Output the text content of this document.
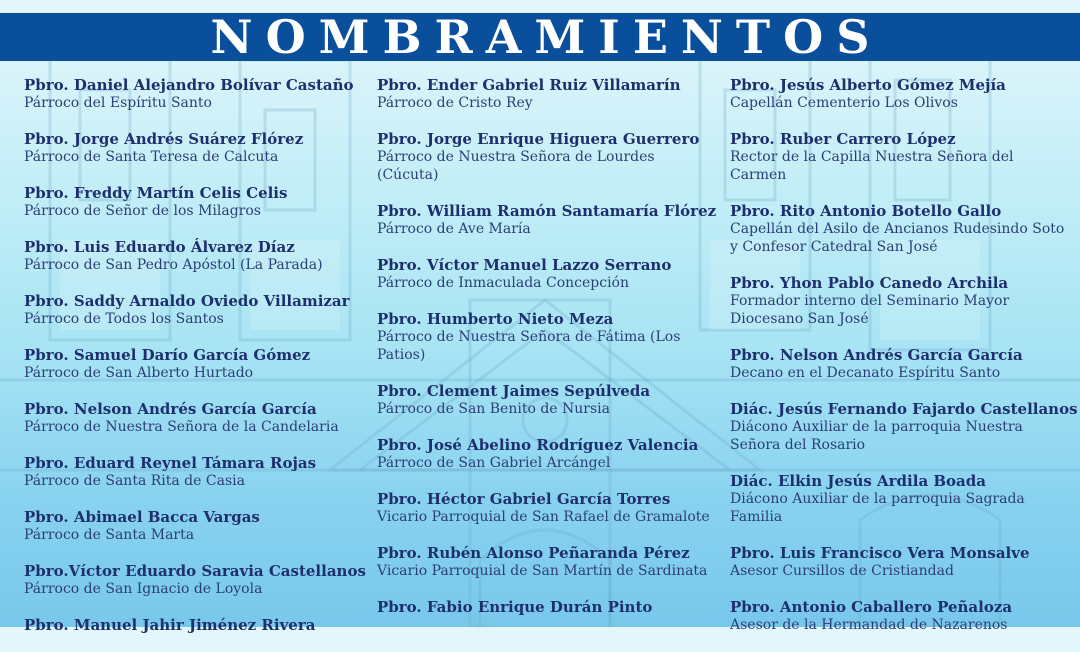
NOMBRAMIENTOS
Pbro. Daniel Alejandro Bolívar Castaño
Párroco del Espíritu Santo
Pbro. Jorge Andrés Suárez Flórez
Párroco de Santa Teresa de Calcuta
Pbro. Freddy Martín Celis Celis
Párroco de Señor de los Milagros
Pbro. Luis Eduardo Álvarez Díaz
Párroco de San Pedro Apóstol (La Parada)
Pbro. Saddy Arnaldo Oviedo Villamizar
Párroco de Todos los Santos
Pbro. Samuel Darío García Gómez
Párroco de San Alberto Hurtado
Pbro. Nelson Andrés García García
Párroco de Nuestra Señora de la Candelaria
Pbro. Eduard Reynel Támara Rojas
Párroco de Santa Rita de Casia
Pbro. Abimael Bacca Vargas
Párroco de Santa Marta
Pbro.Víctor Eduardo Saravia Castellanos
Párroco de San Ignacio de Loyola
Pbro. Manuel Jahir Jiménez Rivera
Pbro. Ender Gabriel Ruiz Villamarín
Párroco de Cristo Rey
Pbro. Jorge Enrique Higuera Guerrero
Párroco de Nuestra Señora de Lourdes (Cúcuta)
Pbro. William Ramón Santamaría Flórez
Párroco de Ave María
Pbro. Víctor Manuel Lazzo Serrano
Párroco de Inmaculada Concepción
Pbro. Humberto Nieto Meza
Párroco de Nuestra Señora de Fátima (Los Patios)
Pbro. Clement Jaimes Sepúlveda
Párroco de San Benito de Nursia
Pbro. José Abelino Rodríguez Valencia
Párroco de San Gabriel Arcángel
Pbro. Héctor Gabriel García Torres
Vicario Parroquial de San Rafael de Gramalote
Pbro. Rubén Alonso Peñaranda Pérez
Vicario Parroquial de San Martín de Sardinata
Pbro. Fabio Enrique Durán Pinto
Pbro. Jesús Alberto Gómez Mejía
Capellán Cementerio Los Olivos
Pbro. Ruber Carrero López
Rector de la Capilla Nuestra Señora del Carmen
Pbro. Rito Antonio Botello Gallo
Capellán del Asilo de Ancianos Rudesindo Soto y Confesor Catedral San José
Pbro. Yhon Pablo Canedo Archila
Formador interno del Seminario Mayor Diocesano San José
Pbro. Nelson Andrés García García
Decano en el Decanato Espíritu Santo
Diác. Jesús Fernando Fajardo Castellanos
Diácono Auxiliar de la parroquia Nuestra Señora del Rosario
Diác. Elkin Jesús Ardila Boada
Diácono Auxiliar de la parroquia Sagrada Familia
Pbro. Luis Francisco Vera Monsalve
Asesor Cursillos de Cristiandad
Pbro. Antonio Caballero Peñaloza
Asesor de la Hermandad de Nazarenos
